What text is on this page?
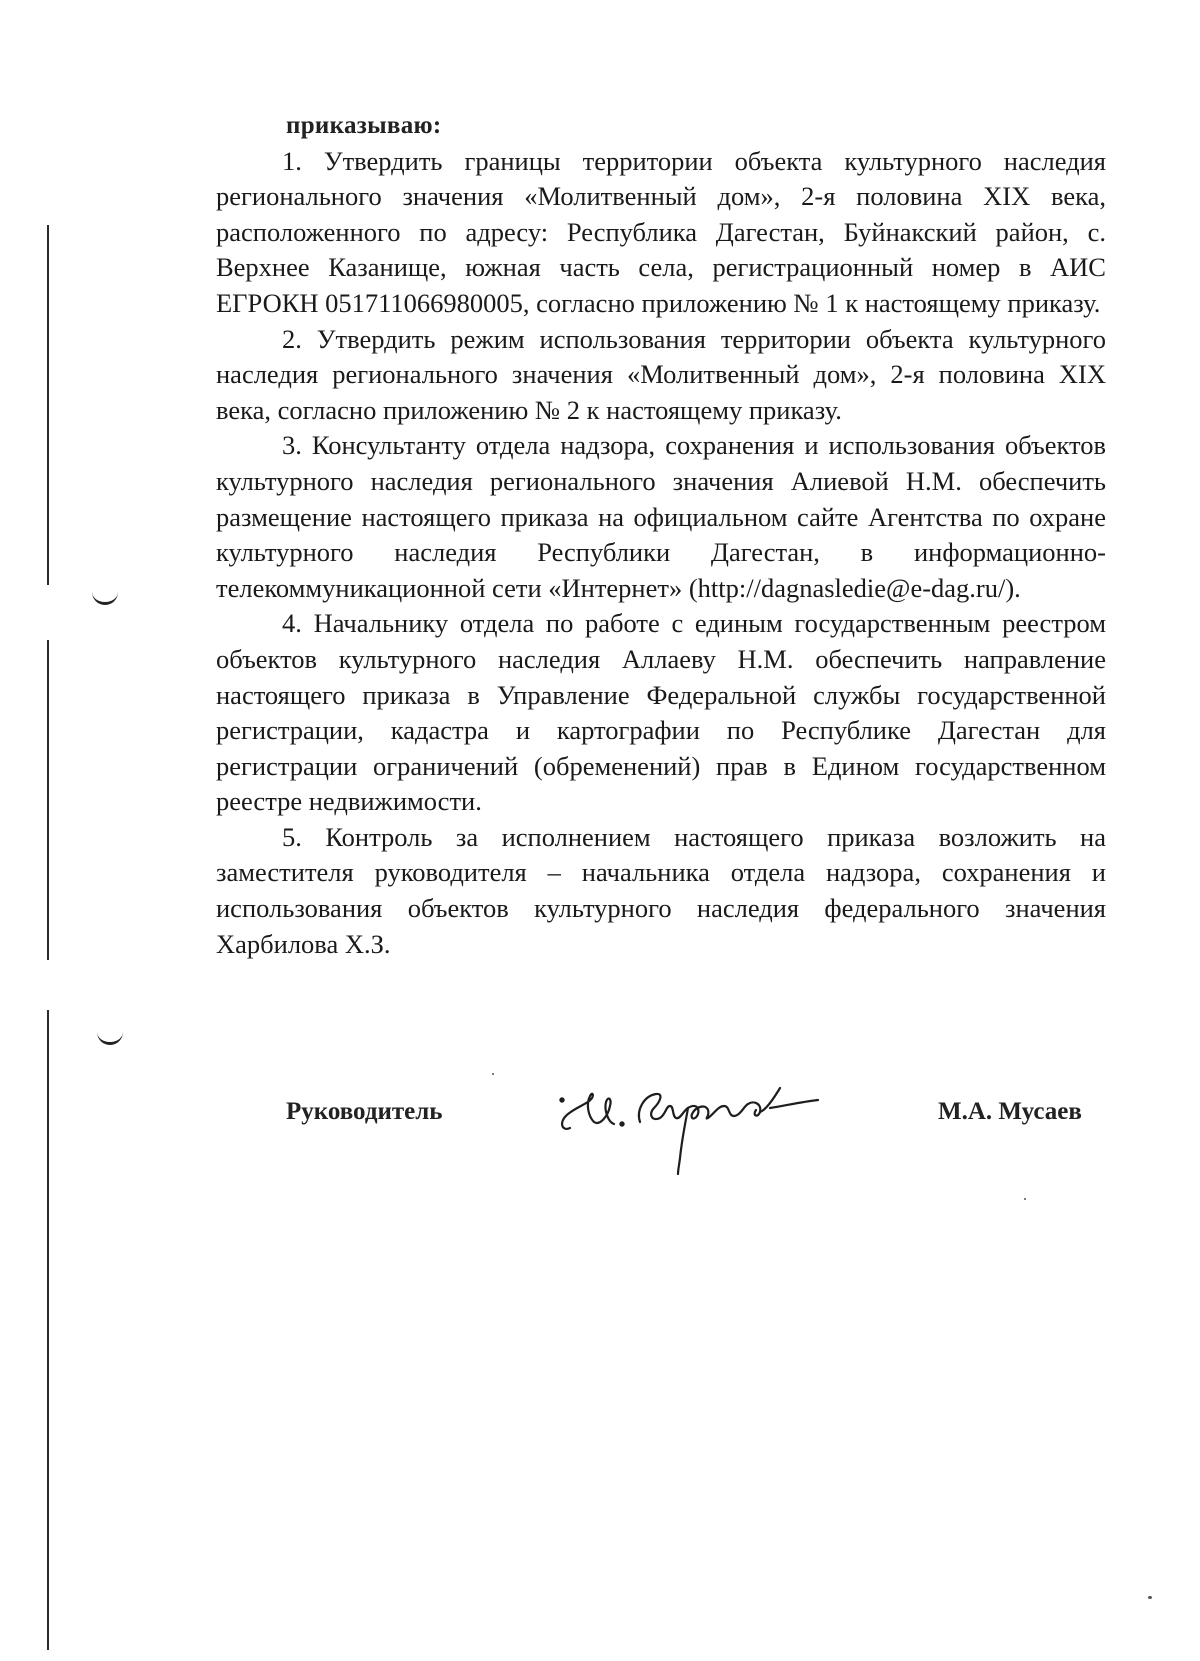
приказываю:

1. Утвердить границы территории объекта культурного наследия регионального значения «Молитвенный дом», 2-я половина XIX века, расположенного по адресу: Республика Дагестан, Буйнакский район, с. Верхнее Казанище, южная часть села, регистрационный номер в АИС ЕГРОКН 051711066980005, согласно приложению № 1 к настоящему приказу.

2. Утвердить режим использования территории объекта культурного наследия регионального значения «Молитвенный дом», 2-я половина XIX века, согласно приложению № 2 к настоящему приказу.

3. Консультанту отдела надзора, сохранения и использования объектов культурного наследия регионального значения Алиевой Н.М. обеспечить размещение настоящего приказа на официальном сайте Агентства по охране культурного наследия Республики Дагестан, в информационно-телекоммуникационной сети «Интернет» (http://dagnasledie@e-dag.ru/).

4. Начальнику отдела по работе с единым государственным реестром объектов культурного наследия Аллаеву Н.М. обеспечить направление настоящего приказа в Управление Федеральной службы государственной регистрации, кадастра и картографии по Республике Дагестан для регистрации ограничений (обременений) прав в Едином государственном реестре недвижимости.

5. Контроль за исполнением настоящего приказа возложить на заместителя руководителя – начальника отдела надзора, сохранения и использования объектов культурного наследия федерального значения Харбилова Х.З.

Руководитель	М.А. Мусаев
